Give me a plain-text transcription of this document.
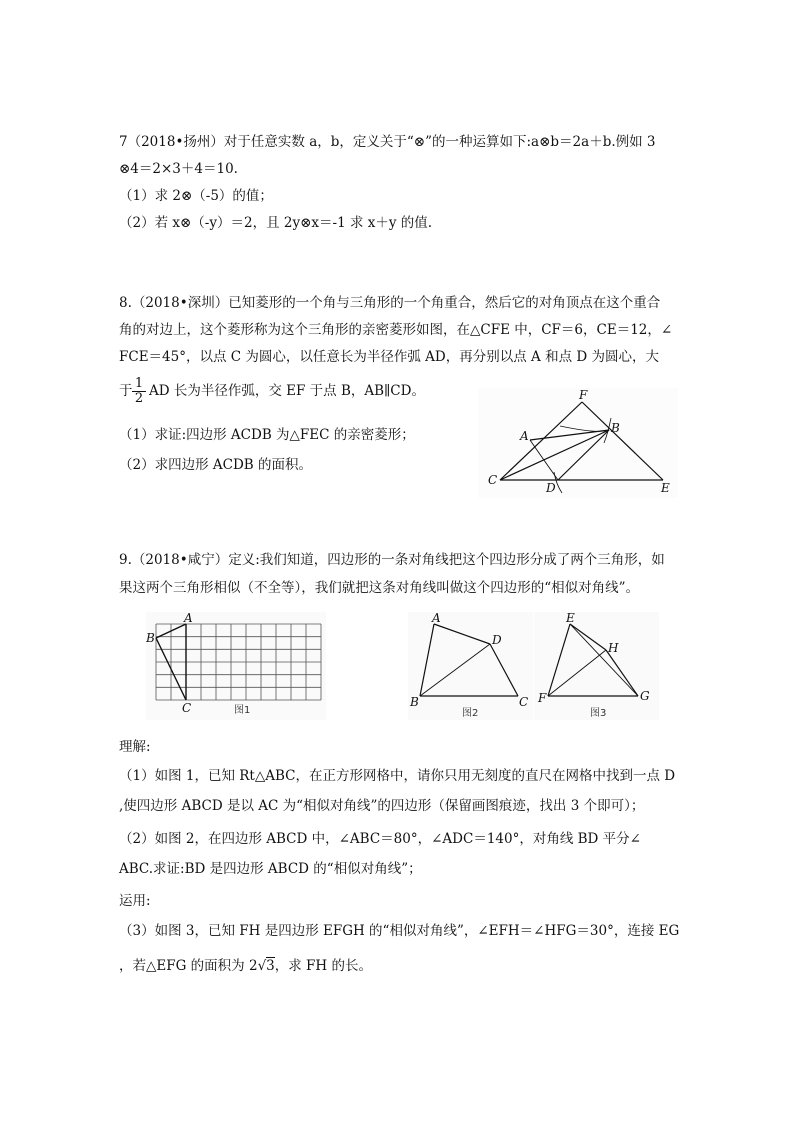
7（2018•扬州）对于任意实数 a，b，定义关于“⊗”的一种运算如下:a⊗b＝2a＋b.例如 3
⊗4＝2×3＋4＝10.
（1）求 2⊗（-5）的值；
（2）若 x⊗（-y）＝2，且 2y⊗x＝-1 求 x＋y 的值.
8.（2018•深圳）已知菱形的一个角与三角形的一个角重合，然后它的对角顶点在这个重合
角的对边上，这个菱形称为这个三角形的亲密菱形如图，在△CFE 中，CF＝6，CE＝12，∠
FCE＝45°，以点 C 为圆心，以任意长为半径作弧 AD，再分别以点 A 和点 D 为圆心，大
于 $\frac{1}{2}$ AD 长为半径作弧，交 EF 于点 B，AB∥CD。
（1）求证:四边形 ACDB 为△FEC 的亲密菱形；
（2）求四边形 ACDB 的面积。
F
A
B
C
D	E
9.（2018•咸宁）定义:我们知道，四边形的一条对角线把这个四边形分成了两个三角形，如
果这两个三角形相似（不全等），我们就把这条对角线叫做这个四边形的“相似对角线”。
A
B
C	图1
A
B	C
D
图2
E
F	G
H
图3
理解:
（1）如图 1，已知 Rt△ABC，在正方形网格中，请你只用无刻度的直尺在网格中找到一点 D
,使四边形 ABCD 是以 AC 为“相似对角线”的四边形（保留画图痕迹，找出 3 个即可）；
（2）如图 2，在四边形 ABCD 中，∠ABC＝80°，∠ADC＝140°，对角线 BD 平分∠
ABC.求证:BD 是四边形 ABCD 的“相似对角线”；
运用:
（3）如图 3，已知 FH 是四边形 EFGH 的“相似对角线”，∠EFH＝∠HFG＝30°，连接 EG
，若△EFG 的面积为 2√3，求 FH 的长。
